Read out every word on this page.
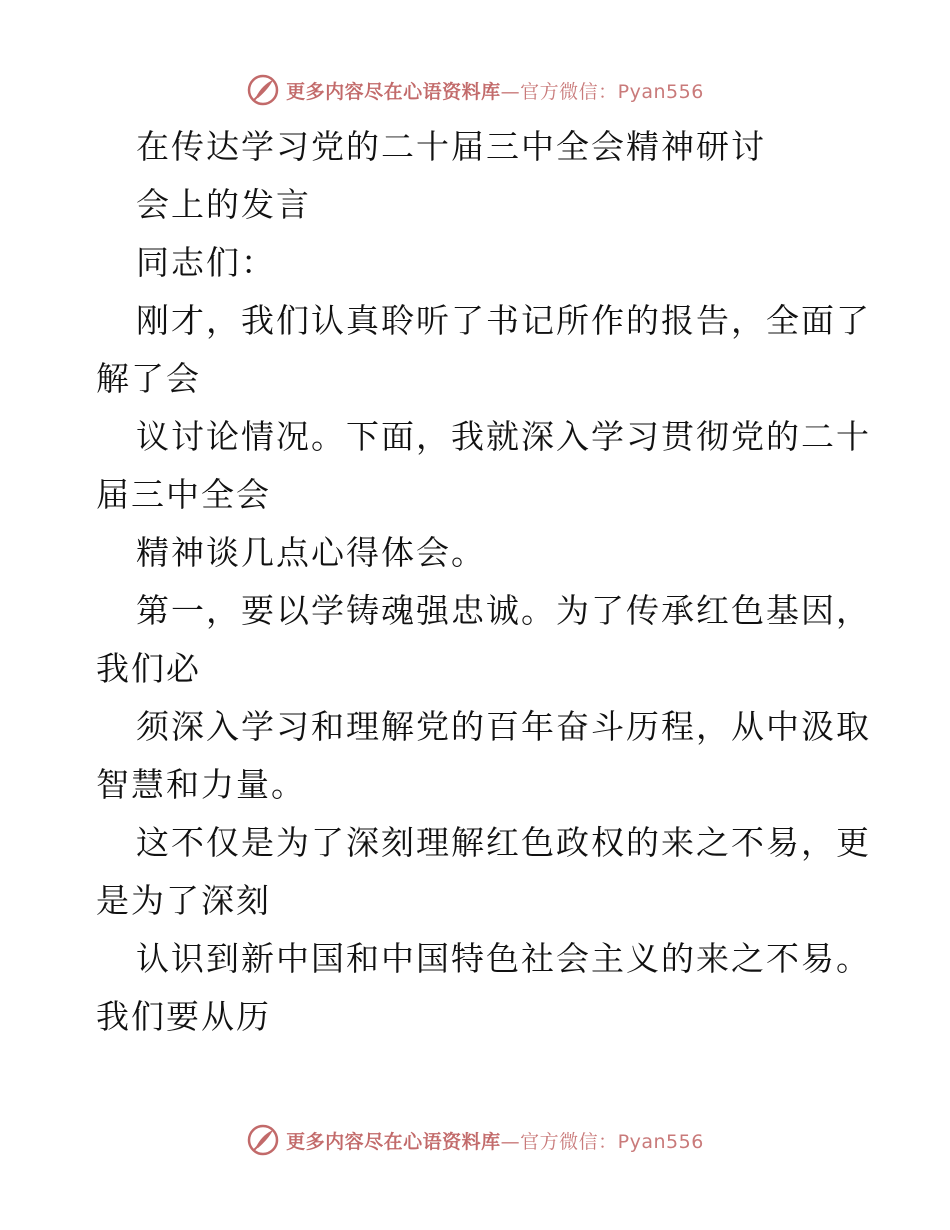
更多内容尽在心语资料库—官方微信：Pyan556
在传达学习党的二十届三中全会精神研讨
会上的发言
同志们：
刚才，我们认真聆听了书记所作的报告，全面了
解了会
议讨论情况。下面，我就深入学习贯彻党的二十
届三中全会
精神谈几点心得体会。
第一，要以学铸魂强忠诚。为了传承红色基因，
我们必
须深入学习和理解党的百年奋斗历程，从中汲取
智慧和力量。
这不仅是为了深刻理解红色政权的来之不易，更
是为了深刻
认识到新中国和中国特色社会主义的来之不易。
我们要从历
更多内容尽在心语资料库—官方微信：Pyan556
